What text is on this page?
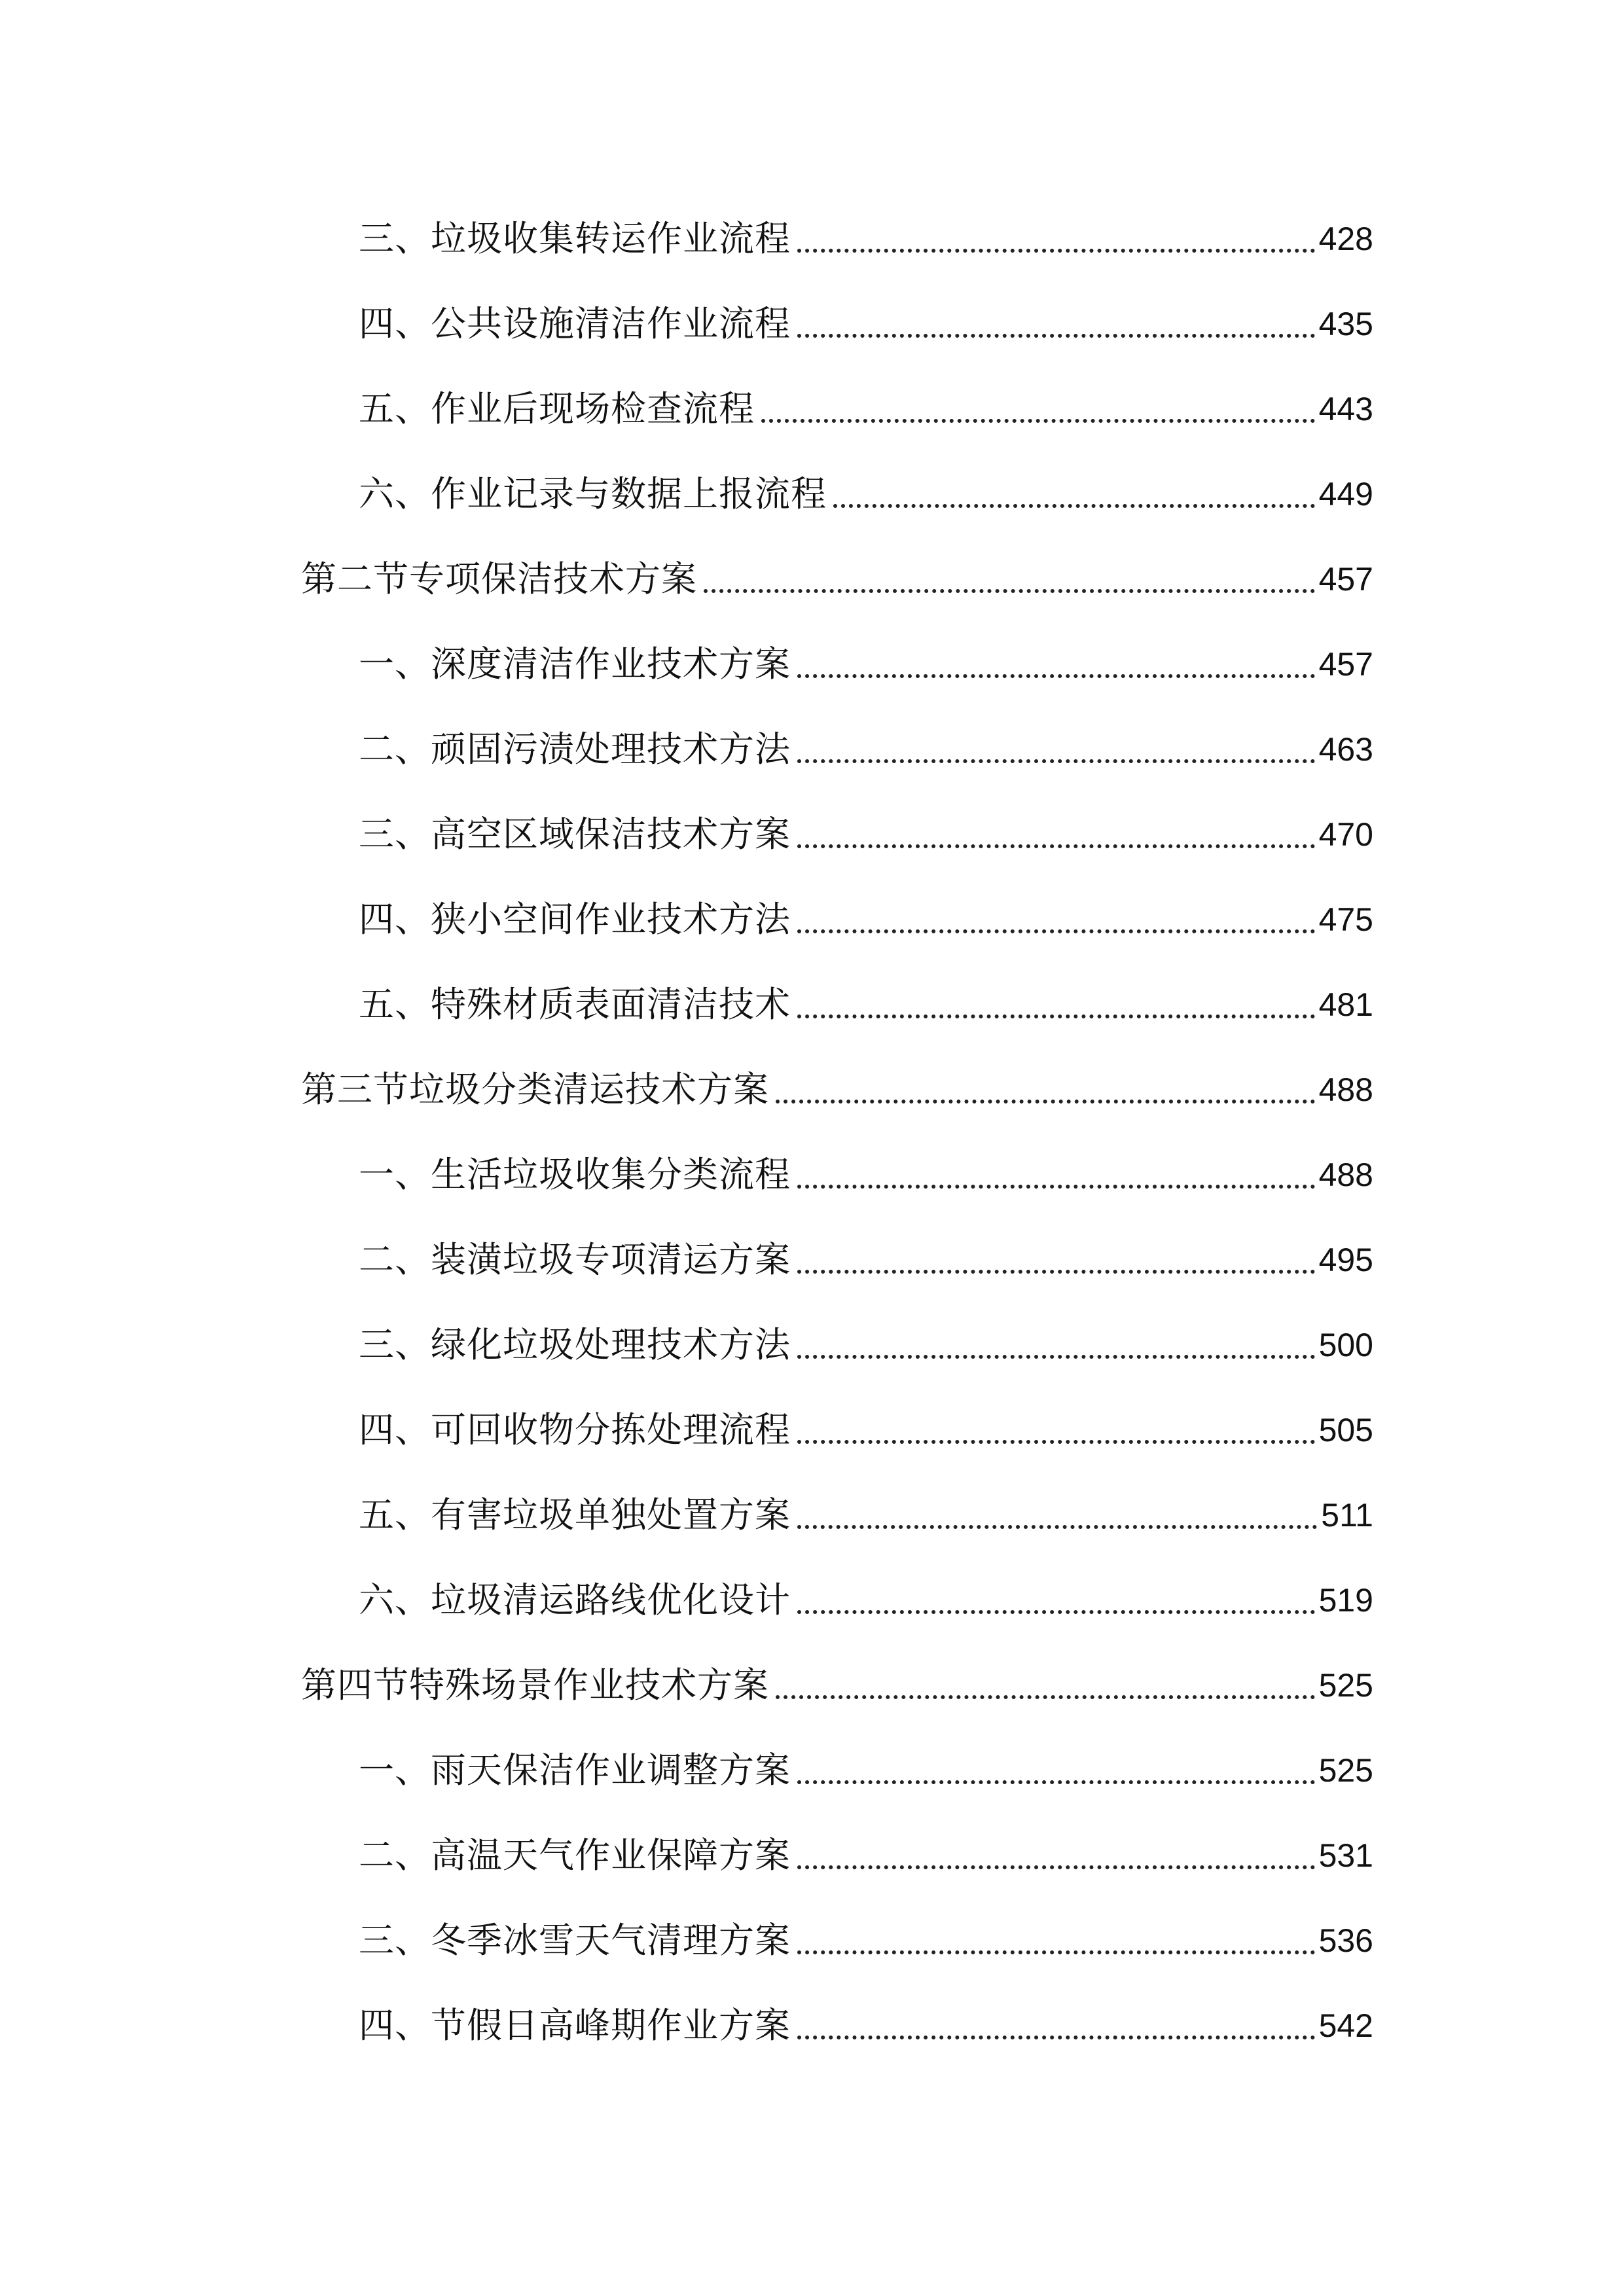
三、垃圾收集转运作业流程	428
四、公共设施清洁作业流程	435
五、作业后现场检查流程	443
六、作业记录与数据上报流程	449
第二节专项保洁技术方案	457
一、深度清洁作业技术方案	457
二、顽固污渍处理技术方法	463
三、高空区域保洁技术方案	470
四、狭小空间作业技术方法	475
五、特殊材质表面清洁技术	481
第三节垃圾分类清运技术方案	488
一、生活垃圾收集分类流程	488
二、装潢垃圾专项清运方案	495
三、绿化垃圾处理技术方法	500
四、可回收物分拣处理流程	505
五、有害垃圾单独处置方案	511
六、垃圾清运路线优化设计	519
第四节特殊场景作业技术方案	525
一、雨天保洁作业调整方案	525
二、高温天气作业保障方案	531
三、冬季冰雪天气清理方案	536
四、节假日高峰期作业方案	542
